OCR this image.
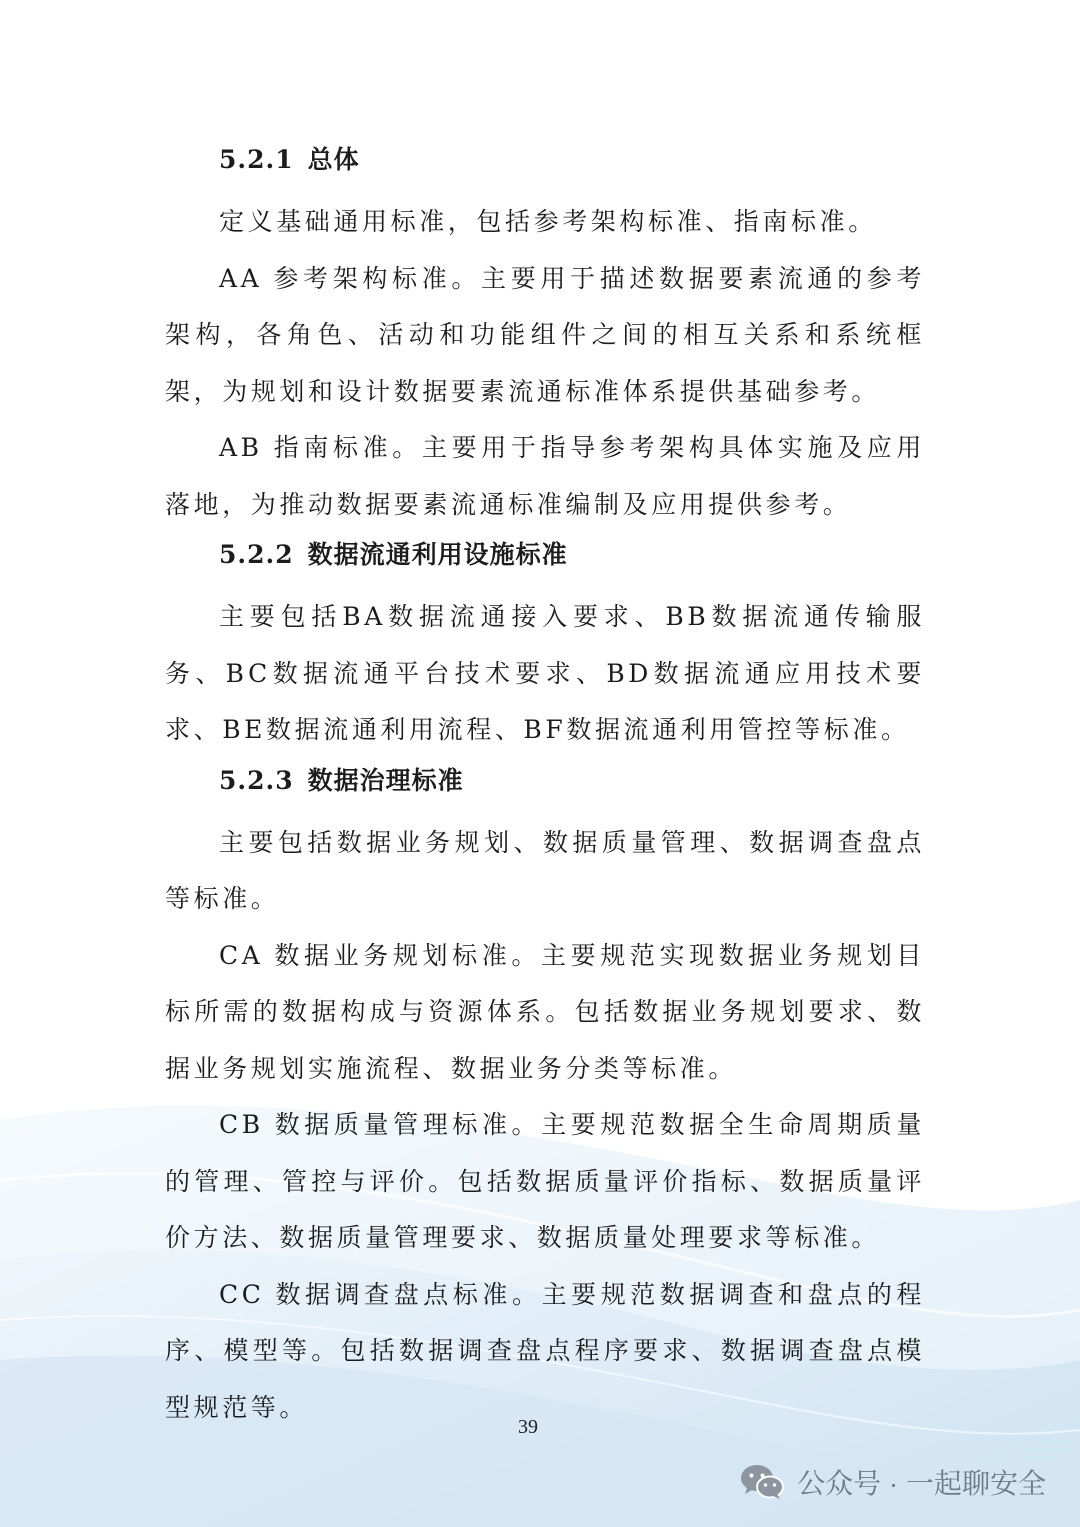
5.2.1 总体

定义基础通用标准，包括参考架构标准、指南标准。

AA 参考架构标准。主要用于描述数据要素流通的参考架构，各角色、活动和功能组件之间的相互关系和系统框架，为规划和设计数据要素流通标准体系提供基础参考。

AB 指南标准。主要用于指导参考架构具体实施及应用落地，为推动数据要素流通标准编制及应用提供参考。

5.2.2 数据流通利用设施标准

主要包括BA数据流通接入要求、BB数据流通传输服务、BC数据流通平台技术要求、BD数据流通应用技术要求、BE数据流通利用流程、BF数据流通利用管控等标准。

5.2.3 数据治理标准

主要包括数据业务规划、数据质量管理、数据调查盘点等标准。

CA 数据业务规划标准。主要规范实现数据业务规划目标所需的数据构成与资源体系。包括数据业务规划要求、数据业务规划实施流程、数据业务分类等标准。

CB 数据质量管理标准。主要规范数据全生命周期质量的管理、管控与评价。包括数据质量评价指标、数据质量评价方法、数据质量管理要求、数据质量处理要求等标准。

CC 数据调查盘点标准。主要规范数据调查和盘点的程序、模型等。包括数据调查盘点程序要求、数据调查盘点模型规范等。

39
公众号 · 一起聊安全
